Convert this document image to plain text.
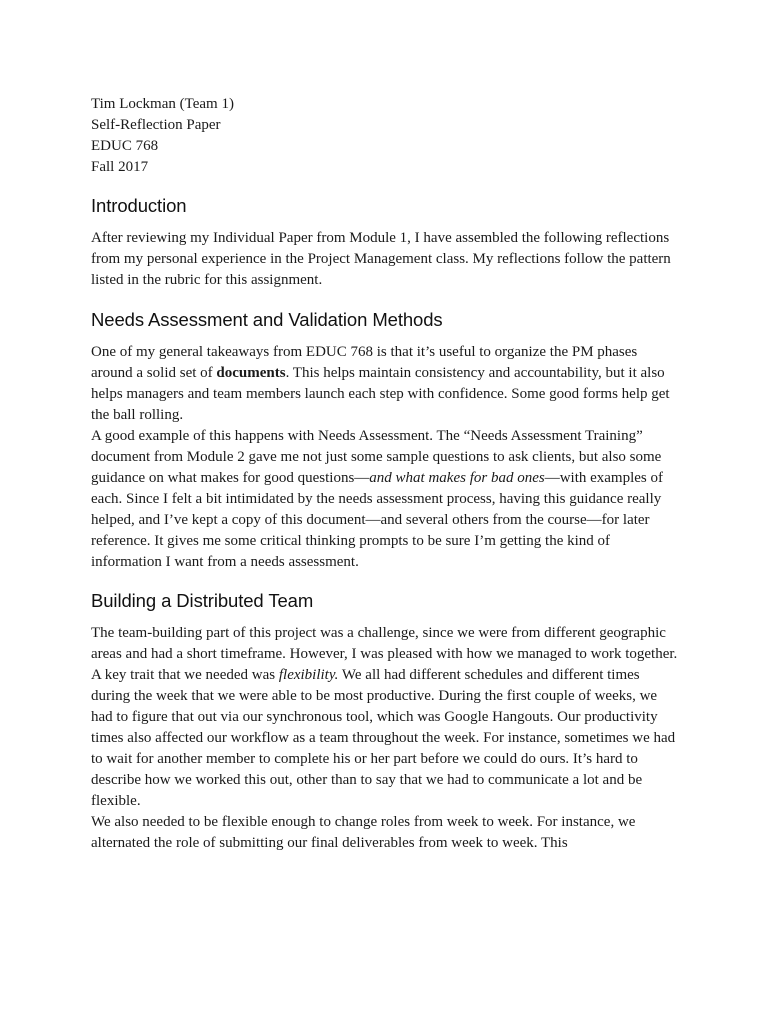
Tim Lockman (Team 1)

Self-Reflection Paper

EDUC 768

Fall 2017

Introduction

After reviewing my Individual Paper from Module 1, I have assembled the following reflections from my personal experience in the Project Management class. My reflections follow the pattern listed in the rubric for this assignment.

Needs Assessment and Validation Methods

One of my general takeaways from EDUC 768 is that it’s useful to organize the PM phases around a solid set of documents. This helps maintain consistency and accountability, but it also helps managers and team members launch each step with confidence. Some good forms help get the ball rolling.

A good example of this happens with Needs Assessment. The “Needs Assessment Training” document from Module 2 gave me not just some sample questions to ask clients, but also some guidance on what makes for good questions—and what makes for bad ones—with examples of each. Since I felt a bit intimidated by the needs assessment process, having this guidance really helped, and I’ve kept a copy of this document—and several others from the course—for later reference. It gives me some critical thinking prompts to be sure I’m getting the kind of information I want from a needs assessment.

Building a Distributed Team

The team-building part of this project was a challenge, since we were from different geographic areas and had a short timeframe. However, I was pleased with how we managed to work together.

A key trait that we needed was flexibility. We all had different schedules and different times during the week that we were able to be most productive. During the first couple of weeks, we had to figure that out via our synchronous tool, which was Google Hangouts. Our productivity times also affected our workflow as a team throughout the week. For instance, sometimes we had to wait for another member to complete his or her part before we could do ours. It’s hard to describe how we worked this out, other than to say that we had to communicate a lot and be flexible.

We also needed to be flexible enough to change roles from week to week. For instance, we alternated the role of submitting our final deliverables from week to week. This
